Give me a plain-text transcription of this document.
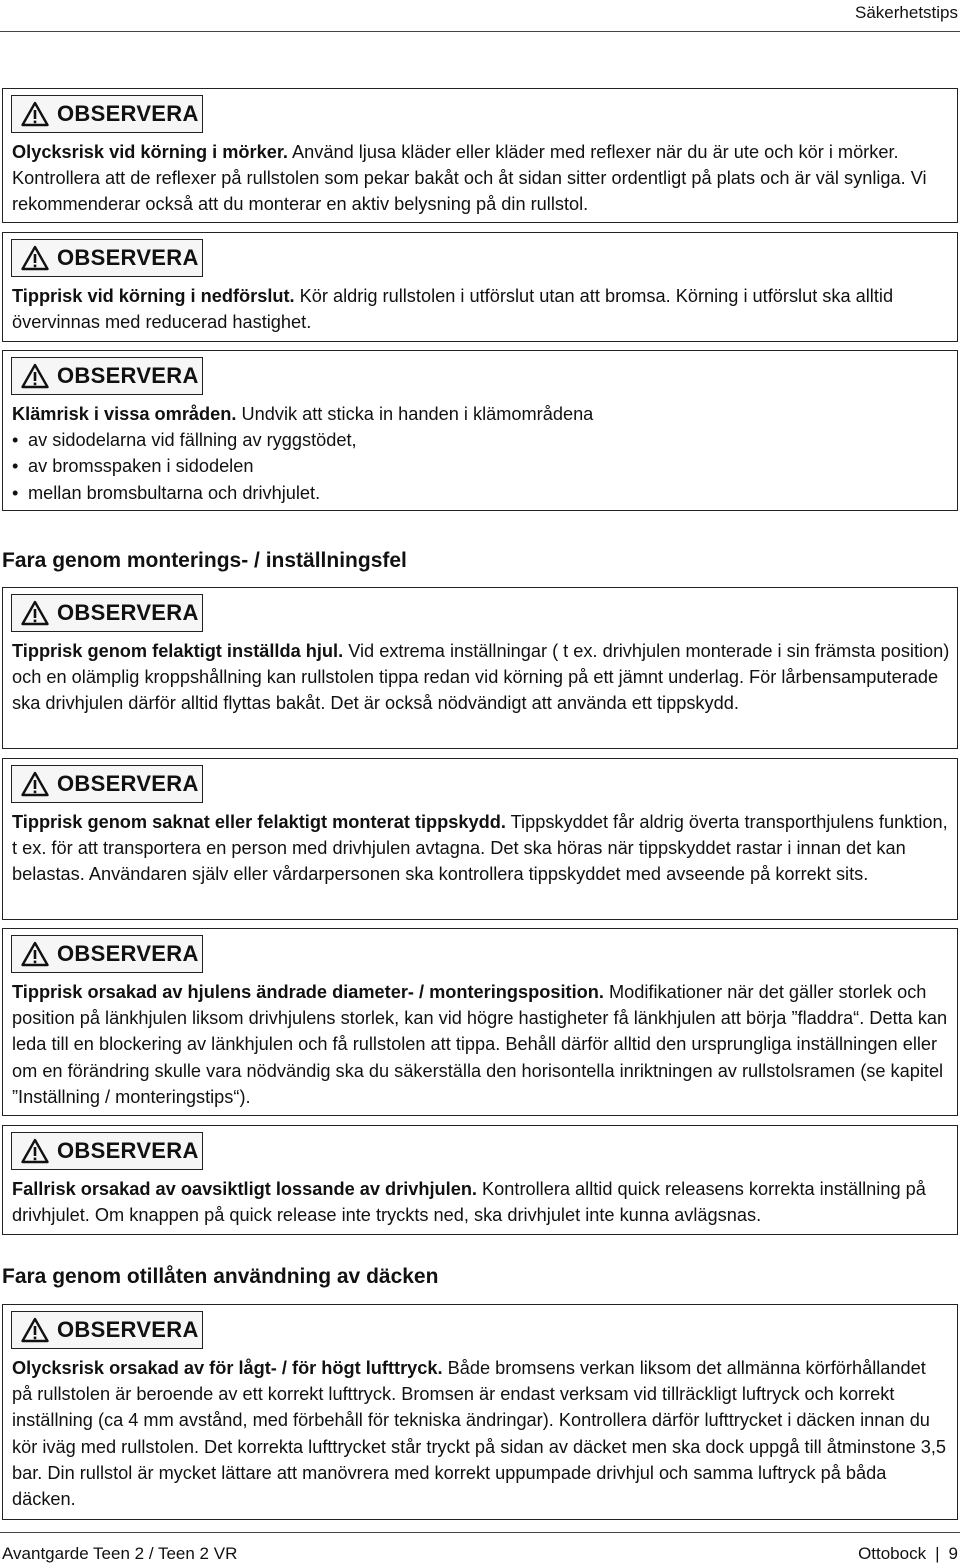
Säkerhetstips
OBSERVERA
Olycksrisk vid körning i mörker. Använd ljusa kläder eller kläder med reflexer när du är ute och kör i mörker. Kontrollera att de reflexer på rullstolen som pekar bakåt och åt sidan sitter ordentligt på plats och är väl synliga. Vi rekommenderar också att du monterar en aktiv belysning på din rullstol.
OBSERVERA
Tipprisk vid körning i nedförslut. Kör aldrig rullstolen i utförslut utan att bromsa. Körning i utförslut ska alltid övervinnas med reducerad hastighet.
OBSERVERA
Klämrisk i vissa områden. Undvik att sticka in handen i klämområdena
• av sidodelarna vid fällning av ryggstödet,
• av bromsspaken i sidodelen
• mellan bromsbultarna och drivhjulet.
Fara genom monterings- / inställningsfel
OBSERVERA
Tipprisk genom felaktigt inställda hjul. Vid extrema inställningar ( t ex. drivhjulen monterade i sin främsta position) och en olämplig kroppshållning kan rullstolen tippa redan vid körning på ett jämnt underlag. För lårbensamputerade ska drivhjulen därför alltid flyttas bakåt. Det är också nödvändigt att använda ett tippskydd.
OBSERVERA
Tipprisk genom saknat eller felaktigt monterat tippskydd. Tippskyddet får aldrig överta transporthjulens funktion, t ex. för att transportera en person med drivhjulen avtagna. Det ska höras när tippskyddet rastar i innan det kan belastas. Användaren själv eller vårdarpersonen ska kontrollera tippskyddet med avseende på korrekt sits.
OBSERVERA
Tipprisk orsakad av hjulens ändrade diameter- / monteringsposition. Modifikationer när det gäller storlek och position på länkhjulen liksom drivhjulens storlek, kan vid högre hastigheter få länkhjulen att börja ”fladdra“. Detta kan leda till en blockering av länkhjulen och få rullstolen att tippa. Behåll därför alltid den ursprungliga inställningen eller om en förändring skulle vara nödvändig ska du säkerställa den horisontella inriktningen av rullstolsramen (se kapitel ”Inställning / monteringstips“).
OBSERVERA
Fallrisk orsakad av oavsiktligt lossande av drivhjulen. Kontrollera alltid quick releasens korrekta inställning på drivhjulet. Om knappen på quick release inte tryckts ned, ska drivhjulet inte kunna avlägsnas.
Fara genom otillåten användning av däcken
OBSERVERA
Olycksrisk orsakad av för lågt- / för högt lufttryck. Både bromsens verkan liksom det allmänna körförhållandet på rullstolen är beroende av ett korrekt lufttryck. Bromsen är endast verksam vid tillräckligt luftryck och korrekt inställning (ca 4 mm avstånd, med förbehåll för tekniska ändringar). Kontrollera därför lufttrycket i däcken innan du kör iväg med rullstolen. Det korrekta lufttrycket står tryckt på sidan av däcket men ska dock uppgå till åtminstone 3,5 bar. Din rullstol är mycket lättare att manövrera med korrekt uppumpade drivhjul och samma luftryck på båda däcken.
Avantgarde Teen 2 / Teen 2 VR	Ottobock | 9
